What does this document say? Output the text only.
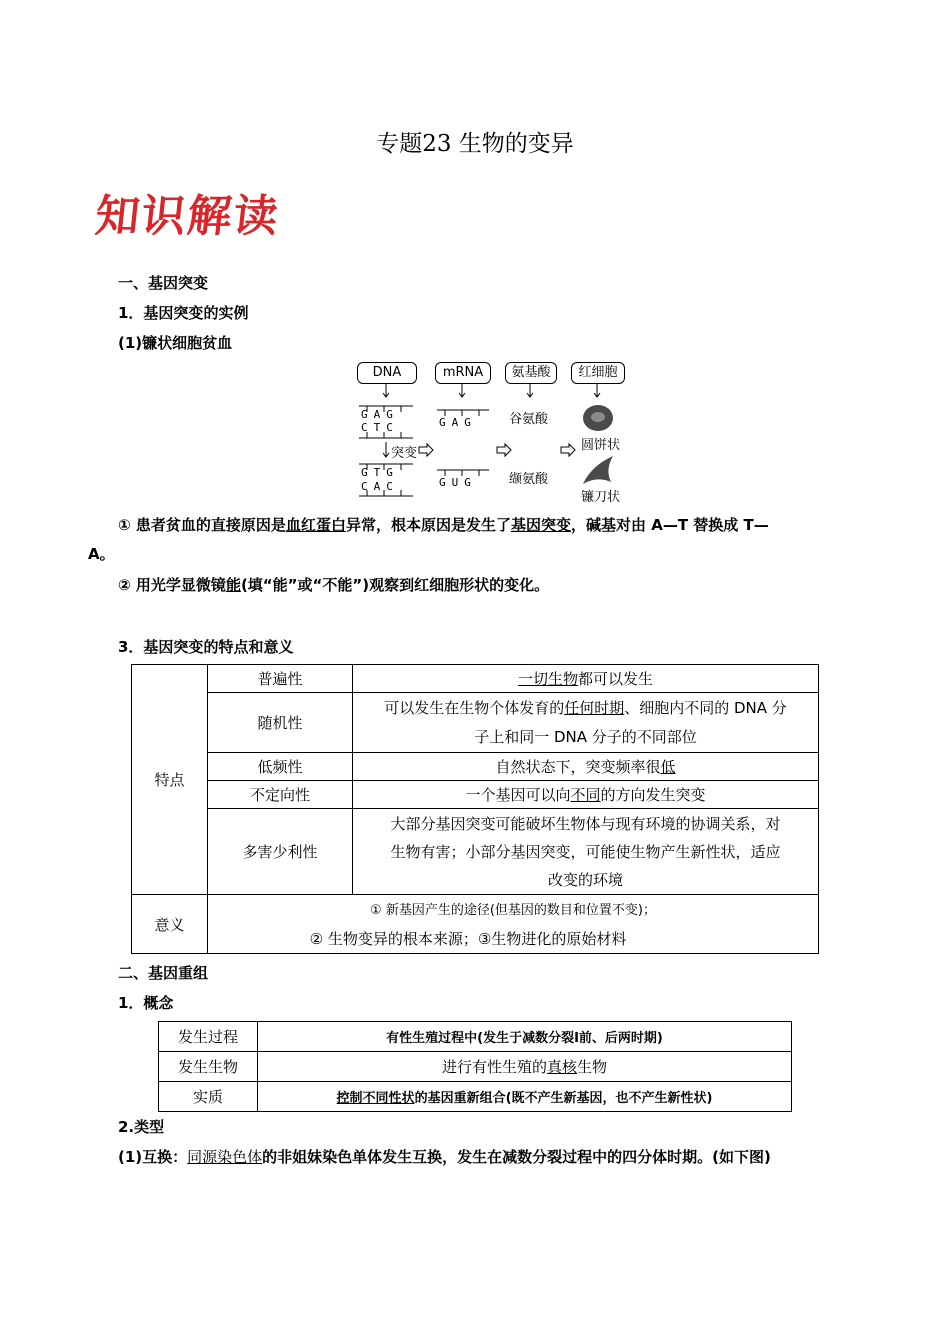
专题23 生物的变异
知识解读
一、基因突变
1．基因突变的实例
(1)镰状细胞贫血
DNA	mRNA	氨基酸	红细胞
GAG
CTC
突变
GTG
CAC
GAG
GUG
谷氨酸
缬氨酸
圆饼状
镰刀状
① 患者贫血的直接原因是血红蛋白异常，根本原因是发生了基因突变，碱基对由 A—T 替换成 T—
A。
② 用光学显微镜能(填“能”或“不能”)观察到红细胞形状的变化。
3．基因突变的特点和意义
特点	普遍性	一切生物都可以发生
	随机性	可以发生在生物个体发育的任何时期、细胞内不同的 DNA 分
子上和同一 DNA 分子的不同部位
	低频性	自然状态下，突变频率很低
	不定向性	一个基因可以向不同的方向发生突变
	多害少利性	大部分基因突变可能破坏生物体与现有环境的协调关系，对
生物有害；小部分基因突变，可能使生物产生新性状，适应
改变的环境
意义	① 新基因产生的途径(但基因的数目和位置不变)；
② 生物变异的根本来源；③生物进化的原始材料	
二、基因重组
1．概念
发生过程	有性生殖过程中(发生于减数分裂Ⅰ前、后两时期)
发生生物	进行有性生殖的真核生物
实质	控制不同性状的基因重新组合(既不产生新基因，也不产生新性状)
2.类型
(1)互换：同源染色体的非姐妹染色单体发生互换，发生在减数分裂过程中的四分体时期。(如下图)
